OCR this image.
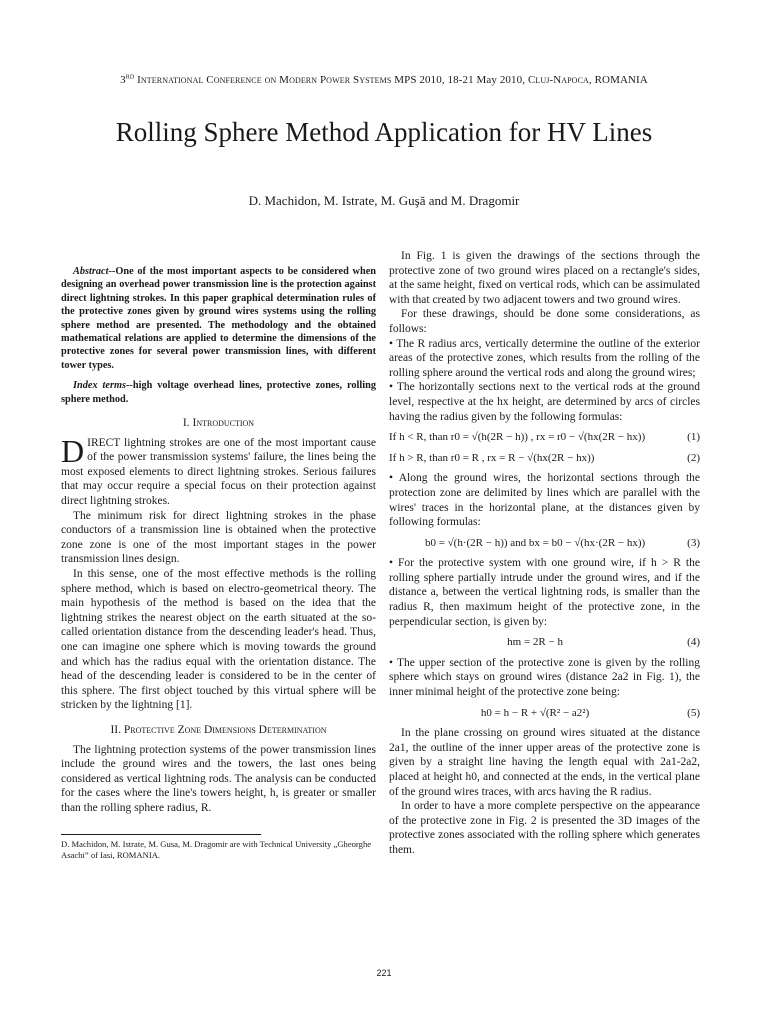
3RD International Conference on Modern Power Systems MPS 2010, 18-21 May 2010, Cluj-Napoca, ROMANIA
Rolling Sphere Method Application for HV Lines
D. Machidon, M. Istrate, M. Guşă and M. Dragomir

Abstract--One of the most important aspects to be considered when designing an overhead power transmission line is the protection against direct lightning strokes. In this paper graphical determination rules of the protective zones given by ground wires systems using the rolling sphere method are presented. The methodology and the obtained mathematical relations are applied to determine the dimensions of the protective zones for several power transmission lines, with different tower types.

Index terms--high voltage overhead lines, protective zones, rolling sphere method.

I. Introduction

DIRECT lightning strokes are one of the most important cause of the power transmission systems' failure, the lines being the most exposed elements to direct lightning strokes. Serious failures that may occur require a special focus on their protection against direct lightning strokes.

The minimum risk for direct lightning strokes in the phase conductors of a transmission line is obtained when the protective zone zone is one of the most important stages in the power transmission lines design.

In this sense, one of the most effective methods is the rolling sphere method, which is based on electro-geometrical theory. The main hypothesis of the method is based on the idea that the lightning strikes the nearest object on the earth situated at the so-called orientation distance from the descending leader's head. Thus, one can imagine one sphere which is moving towards the ground and which has the radius equal with the orientation distance. The head of the descending leader is considered to be in the center of this sphere. The first object touched by this virtual sphere will be stricken by the lightning [1].

II. Protective Zone Dimensions Determination

The lightning protection systems of the power transmission lines include the ground wires and the towers, the last ones being considered as vertical lightning rods. The analysis can be conducted for the cases where the line's towers height, h, is greater or smaller than the rolling sphere radius, R.

D. Machidon, M. Istrate, M. Gusa, M. Dragomir are with Technical University „Gheorghe Asachi” of Iasi, ROMANIA.

In Fig. 1 is given the drawings of the sections through the protective zone of two ground wires placed on a rectangle's sides, at the same height, fixed on vertical rods, which can be assimulated with that created by two adjacent towers and two ground wires.

For these drawings, should be done some considerations, as follows:

• The R radius arcs, vertically determine the outline of the exterior areas of the protective zones, which results from the rolling of the rolling sphere around the vertical rods and along the ground wires;

• The horizontally sections next to the vertical rods at the ground level, respective at the hx height, are determined by arcs of circles having the radius given by the following formulas:

If h < R, than r0 = √(h(2R − h)) , rx = r0 − √(hx(2R − hx))	(1)
If h > R, than r0 = R , rx = R − √(hx(2R − hx))	(2)

• Along the ground wires, the horizontal sections through the protection zone are delimited by lines which are parallel with the wires' traces in the horizontal plane, at the distances given by following formulas:

b0 = √(h·(2R − h)) and bx = b0 − √(hx·(2R − hx))	(3)

• For the protective system with one ground wire, if h > R the rolling sphere partially intrude under the ground wires, and if the distance a, between the vertical lightning rods, is smaller than the radius R, then maximum height of the protective zone, in the perpendicular section, is given by:

hm = 2R − h	(4)

• The upper section of the protective zone is given by the rolling sphere which stays on ground wires (distance 2a2 in Fig. 1), the inner minimal height of the protective zone being:

h0 = h − R + √(R² − a2²)	(5)

In the plane crossing on ground wires situated at the distance 2a1, the outline of the inner upper areas of the protective zone is given by a straight line having the length equal with 2a1-2a2, placed at height h0, and connected at the ends, in the vertical plane of the ground wires traces, with arcs having the R radius.

In order to have a more complete perspective on the appearance of the protective zone in Fig. 2 is presented the 3D images of the protective zones associated with the rolling sphere which generates them.

221
